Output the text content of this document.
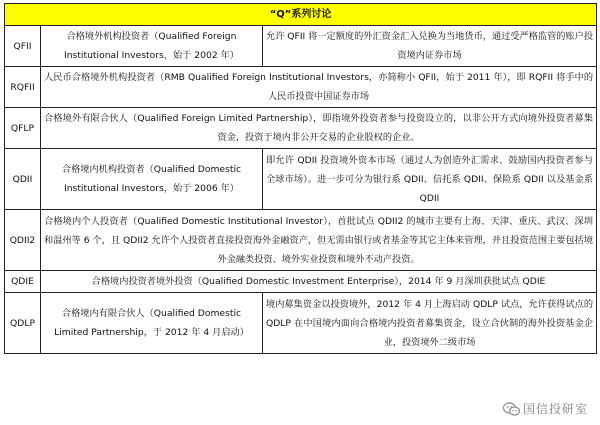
“Q”系列讨论		
QFII	合格境外机构投资者（Qualified Foreign Institutional Investors，始于 2002 年）	允许 QFII 将一定额度的外汇资金汇入兑换为当地货币，通过受严格监管的账户投资境内证券市场
RQFII	人民币合格境外机构投资者（RMB Qualified Foreign Institutional Investors，亦简称小 QFII，始于 2011 年），即 RQFII 将手中的人民币投资中国证券市场	
QFLP	合格境外有限合伙人（Qualified Foreign Limited Partnership），即指境外投资者参与投资设立的，以非公开方式向境外投资者募集资金，投资于境内非公开交易的企业股权的企业。	
QDII	合格境内机构投资者（Qualified Domestic Institutional Investors，始于 2006 年）	即允许 QDII 投资境外资本市场（通过人为创造外汇需求、鼓励国内投资者参与全球市场）。进一步可分为银行系 QDII、信托系 QDII、保险系 QDII 以及基金系 QDII
QDII2	合格境内个人投资者（Qualified Domestic Institutional Investor），首批试点 QDII2 的城市主要有上海、天津、重庆、武汉、深圳和温州等 6 个，且 QDII2 允许个人投资者直接投资海外金融资产，但无需由银行或者基金等其它主体来管理，并且投资范围主要包括境外金融类投资、境外实业投资和境外不动产投资。	
QDIE	合格境内投资者境外投资（Qualified Domestic Investment Enterprise），2014 年 9 月深圳获批试点 QDIE	
QDLP	合格境内有限合伙人（Qualified Domestic Limited Partnership，于 2012 年 4 月启动）	境内募集资金以投资境外，2012 年 4 月上海启动 QDLP 试点，允许获得试点的 QDLP 在中国境内面向合格境内投资者募集资金，设立合伙制的海外投资基金企业，投资境外二级市场
国信投研室
